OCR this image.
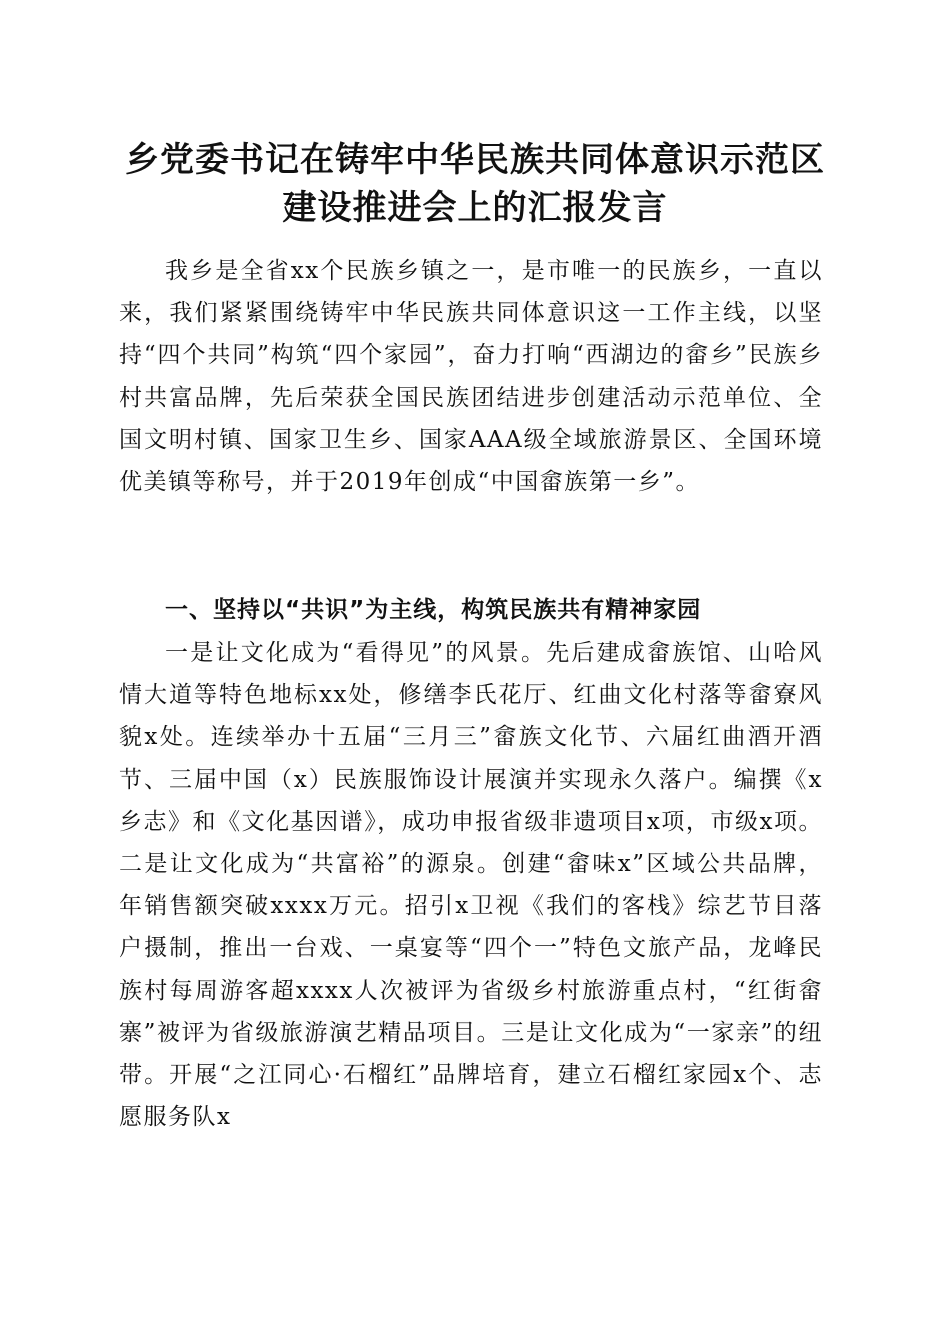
乡党委书记在铸牢中华民族共同体意识示范区
建设推进会上的汇报发言

我乡是全省xx个民族乡镇之一，是市唯一的民族乡，一直以来，我们紧紧围绕铸牢中华民族共同体意识这一工作主线，以坚持“四个共同”构筑“四个家园”，奋力打响“西湖边的畲乡”民族乡村共富品牌，先后荣获全国民族团结进步创建活动示范单位、全国文明村镇、国家卫生乡、国家AAA级全域旅游景区、全国环境优美镇等称号，并于2019年创成“中国畲族第一乡”。

一、坚持以“共识”为主线，构筑民族共有精神家园

一是让文化成为“看得见”的风景。先后建成畲族馆、山哈风情大道等特色地标xx处，修缮李氏花厅、红曲文化村落等畲寮风貌x处。连续举办十五届“三月三”畲族文化节、六届红曲酒开酒节、三届中国（x）民族服饰设计展演并实现永久落户。编撰《x乡志》和《文化基因谱》，成功申报省级非遗项目x项，市级x项。二是让文化成为“共富裕”的源泉。创建“畲味x”区域公共品牌，年销售额突破xxxx万元。招引x卫视《我们的客栈》综艺节目落户摄制，推出一台戏、一桌宴等“四个一”特色文旅产品，龙峰民族村每周游客超xxxx人次被评为省级乡村旅游重点村，“红街畲寨”被评为省级旅游演艺精品项目。三是让文化成为“一家亲”的纽带。开展“之江同心·石榴红”品牌培育，建立石榴红家园x个、志愿服务队x
